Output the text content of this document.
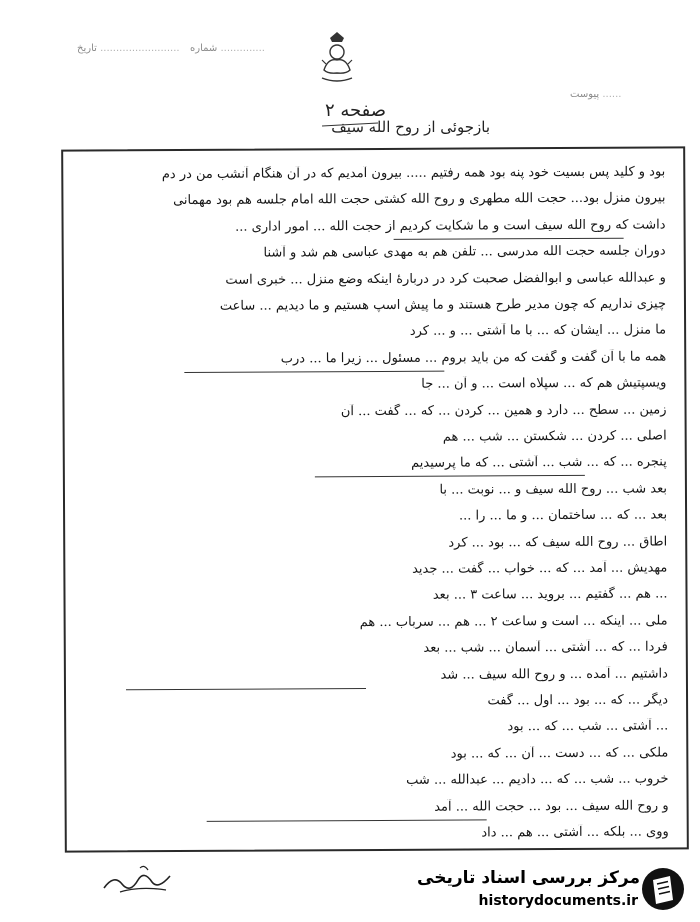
تاریخ ......................... شماره ..............
پیوست ......
صفحه ۲
بازجوئی از روح الله سیف
بود و کلید پس بسیت خود پنه بود همه رفتیم ..... بیرون آمدیم که در آن هنگام آنشب من در دم
بیرون منزل بود... حجت الله مطهری و روح الله کشتی حجت الله امام جلسه هم بود مهمانی
داشت که روح الله سیف است و ما شکایت کردیم از حجت الله ... امور اداری ...
دوران جلسه حجت الله مدرسی ... تلفن هم به مهدی عباسی هم شد و آشنا
و عبدالله عباسی و ابوالفضل صحبت کرد در دربارهٔ اینکه وضع منزل ... خبری است
چیزی نداریم که چون مدیر طرح هستند و ما پیش اسپ هستیم و ما دیدیم ... ساعت
ما منزل ... ایشان که ... با ما آشتی ... و ... کرد
همه ما با آن گفت و گفت که من باید بروم ... مسئول ... زیرا ما ... درب
ویسپتیش هم که ... سپلاه است ... و آن ... جا
زمین ... سطح ... دارد و همین ... کردن ... که ... گفت ... آن
اصلی ... کردن ... شکستن ... شب ... هم
پنجره ... که ... شب ... آشتی ... که ما پرسیدیم
بعد شب ... روح الله سیف و ... نوبت ... با
بعد ... که ... ساختمان ... و ما ... را ...
اطاق ... روح الله سیف که ... بود ... کرد
مهدیش ... آمد ... که ... خواب ... گفت ... جدید
... هم ... گفتیم ... بروید ... ساعت ۳ ... بعد
ملی ... اینکه ... است و ساعت ۲ ... هم ... سرباب ... هم
فردا ... که ... آشتی ... آسمان ... شب ... بعد
داشتیم ... آمده ... و روح الله سیف ... شد
دیگر ... که ... بود ... اول ... گفت
... آشتی ... شب ... که ... بود
ملکی ... که ... دست ... آن ... که ... بود
خروب ... شب ... که ... دادیم ... عبدالله ... شب
و روح الله سیف ... بود ... حجت الله ... آمد
ووی ... بلکه ... آشتی ... هم ... داد
مرکز بررسی اسناد تاریخی
historydocuments.ir
